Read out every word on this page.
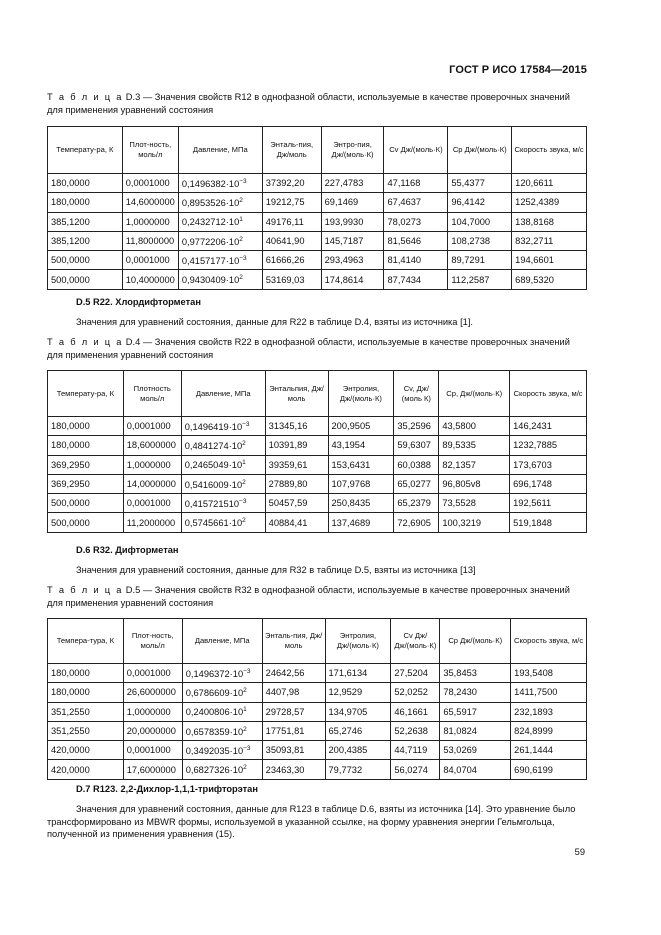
ГОСТ Р ИСО 17584—2015
Т а б л и ц а D.3 — Значения свойств R12 в однофазной области, используемые в качестве проверочных значений для применения уравнений состояния
Температу-ра, К	Плот-ность, моль/л	Давление, МПа	Энталь-пия, Дж/моль	Энтро-пия, Дж/(моль·К)	Cv Дж/(моль·К)	Cp Дж/(моль·К)	Скорость звука, м/с
180,0000	0,0001000	$0,1496382\cdot 10^{-3}$	37392,20	227,4783	47,1168	55,4377	120,6611
180,0000	14,6000000	$0,8953526\cdot 10^2$	19212,75	69,1469	67,4637	96,4142	1252,4389
385,1200	1,0000000	$0,2432712\cdot 10^1$	49176,11	193,9930	78,0273	104,7000	138,8168
385,1200	11,8000000	$0,9772206\cdot 10^2$	40641,90	145,7187	81,5646	108,2738	832,2711
500,0000	0,0001000	$0,4157177\cdot 10^{-3}$	61666,26	293,4963	81,4140	89,7291	194,6601
500,0000	10,4000000	$0,9430409\cdot 10^2$	53169,03	174,8614	87,7434	112,2587	689,5320
D.5 R22. Хлордифторметан
Значения для уравнений состояния, данные для R22 в таблице D.4, взяты из источника [1].
Т а б л и ц а D.4 — Значения свойств R22 в однофазной области, используемые в качестве проверочных значений для применения уравнений состояния
Температу-ра, К	Плотность моль/л	Давление, МПа	Энтальпия, Дж/моль	Энтролия, Дж/(моль·К)	Cv, Дж/ (моль К)	Cp, Дж/(моль·К)	Скорость звука, м/с
180,0000	0,0001000	$0,1496419\cdot 10^{-3}$	31345,16	200,9505	35,2596	43,5800	146,2431
180,0000	18,6000000	$0,4841274\cdot 10^2$	10391,89	43,1954	59,6307	89,5335	1232,7885
369,2950	1,0000000	$0,2465049\cdot 10^1$	39359,61	153,6431	60,0388	82,1357	173,6703
369,2950	14,0000000	$0,5416009\cdot 10^2$	27889,80	107,9768	65,0277	96,805v8	696,1748
500,0000	0,0001000	$0,415721510^{-3}$	50457,59	250,8435	65,2379	73,5528	192,5611
500,0000	11,2000000	$0,5745661\cdot 10^2$	40884,41	137,4689	72,6905	100,3219	519,1848
D.6 R32. Дифторметан
Значения для уравнений состояния, данные для R32 в таблице D.5, взяты из источника [13]
Т а б л и ц а D.5 — Значения свойств R32 в однофазной области, используемые в качестве проверочных значений для применения уравнений состояния
Темпера-тура, К	Плот-ность, моль/л	Давление, МПа	Энталь-пия, Дж/моль	Энтролия, Дж/(моль·К)	Cv Дж/ Дж/(моль·К)	Cp Дж/(моль·К)	Скорость звука, м/с
180,0000	0,0001000	$0,1496372\cdot 10^{-3}$	24642,56	171,6134	27,5204	35,8453	193,5408
180,0000	26,6000000	$0,6786609\cdot 10^2$	4407,98	12,9529	52,0252	78,2430	1411,7500
351,2550	1,0000000	$0,2400806\cdot 10^1$	29728,57	134,9705	46,1661	65,5917	232,1893
351,2550	20,0000000	$0,6578359\cdot 10^2$	17751,81	65,2746	52,2638	81,0824	824,8999
420,0000	0,0001000	$0,3492035\cdot 10^{-3}$	35093,81	200,4385	44,7119	53,0269	261,1444
420,0000	17,6000000	$0,6827326\cdot 10^2$	23463,30	79,7732	56,0274	84,0704	690,6199
D.7 R123. 2,2-Дихлор-1,1,1-трифторэтан
Значения для уравнений состояния, данные для R123 в таблице D.6, взяты из источника [14]. Это уравнение было трансформировано из MBWR формы, используемой в указанной ссылке, на форму уравнения энергии Гельмгольца, полученной из применения уравнения (15).
59
